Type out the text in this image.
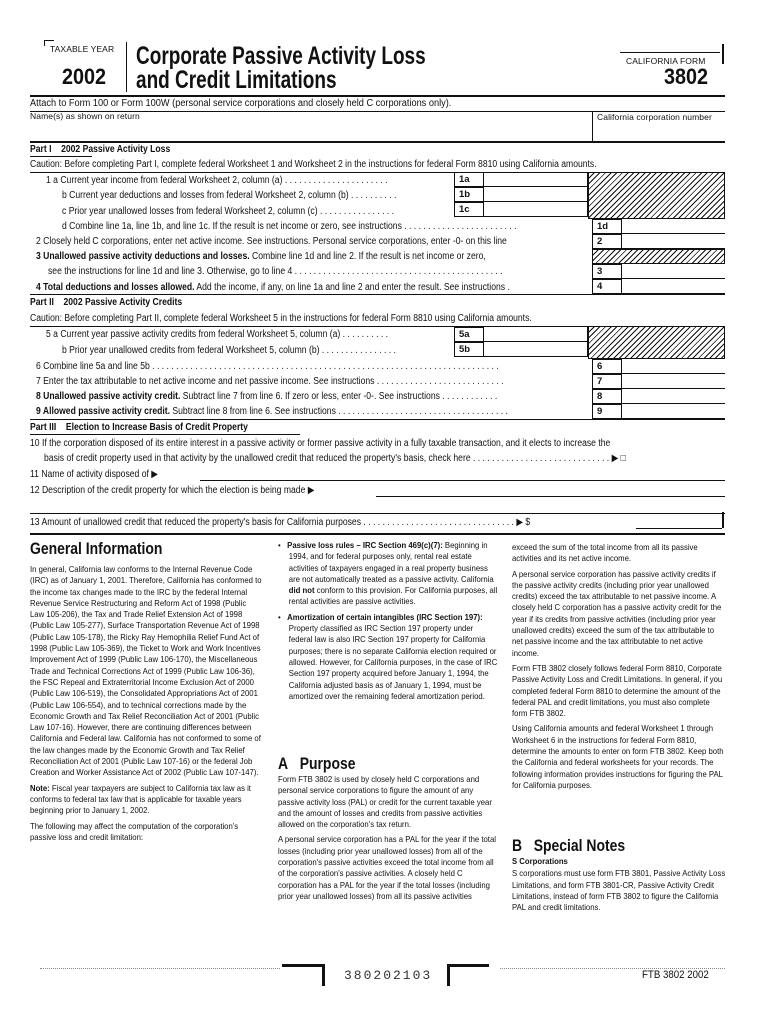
TAXABLE YEAR
2002
Corporate Passive Activity Loss
and Credit Limitations
CALIFORNIA FORM
3802
Attach to Form 100 or Form 100W (personal service corporations and closely held C corporations only).
Name(s) as shown on return	California corporation number
Part I 2002 Passive Activity Loss
Caution: Before completing Part I, complete federal Worksheet 1 and Worksheet 2 in the instructions for federal Form 8810 using California amounts.
1 a Current year income from federal Worksheet 2, column (a) . . . . . . . . . . . . . . . . . . . . . .	1a
b Current year deductions and losses from federal Worksheet 2, column (b) . . . . . . . . . .	1b
c Prior year unallowed losses from federal Worksheet 2, column (c) . . . . . . . . . . . . . . . .	1c
d Combine line 1a, line 1b, and line 1c. If the result is net income or zero, see instructions . . . . . . . . . . . . . . . . . . . . . . . .	1d
2 Closely held C corporations, enter net active income. See instructions. Personal service corporations, enter -0- on this line	2
3 Unallowed passive activity deductions and losses. Combine line 1d and line 2. If the result is net income or zero,
see the instructions for line 1d and line 3. Otherwise, go to line 4 . . . . . . . . . . . . . . . . . . . . . . . . . . . . . . . . . . . . . . . . . . . .	3
4 Total deductions and losses allowed. Add the income, if any, on line 1a and line 2 and enter the result. See instructions .	4
Part II 2002 Passive Activity Credits
Caution: Before completing Part II, complete federal Worksheet 5 in the instructions for federal Form 8810 using California amounts.
5 a Current year passive activity credits from federal Worksheet 5, column (a) . . . . . . . . . .	5a
b Prior year unallowed credits from federal Worksheet 5, column (b) . . . . . . . . . . . . . . . .	5b
6 Combine line 5a and line 5b . . . . . . . . . . . . . . . . . . . . . . . . . . . . . . . . . . . . . . . . . . . . . . . . . . . . . . . . . . . . . . . . . . . . . . . . .	6
7 Enter the tax attributable to net active income and net passive income. See instructions . . . . . . . . . . . . . . . . . . . . . . . . . . .	7
8 Unallowed passive activity credit. Subtract line 7 from line 6. If zero or less, enter -0-. See instructions . . . . . . . . . . . .	8
9 Allowed passive activity credit. Subtract line 8 from line 6. See instructions . . . . . . . . . . . . . . . . . . . . . . . . . . . . . . . . . . . .	9
Part III Election to Increase Basis of Credit Property
10 If the corporation disposed of its entire interest in a passive activity or former passive activity in a fully taxable transaction, and it elects to increase the
basis of credit property used in that activity by the unallowed credit that reduced the property's basis, check here . . . . . . . . . . . . . . . . . . . . . . . . . . . . . ▶ □
11 Name of activity disposed of ▶
12 Description of the credit property for which the election is being made ▶
13 Amount of unallowed credit that reduced the property's basis for California purposes . . . . . . . . . . . . . . . . . . . . . . . . . . . . . . . . ▶ $
General Information

In general, California law conforms to the Internal Revenue Code (IRC) as of January 1, 2001. Therefore, California has conformed to the income tax changes made to the IRC by the federal Internal Revenue Service Restructuring and Reform Act of 1998 (Public Law 105-206), the Tax and Trade Relief Extension Act of 1998 (Public Law 105-277), Surface Transportation Revenue Act of 1998 (Public Law 105-178), the Ricky Ray Hemophilia Relief Fund Act of 1998 (Public Law 105-369), the Ticket to Work and Work Incentives Improvement Act of 1999 (Public Law 106-170), the Miscellaneous Trade and Technical Corrections Act of 1999 (Public Law 106-36), the FSC Repeal and Extraterritorial Income Exclusion Act of 2000 (Public Law 106-519), the Consolidated Appropriations Act of 2001 (Public Law 106-554), and to technical corrections made by the Economic Growth and Tax Relief Reconciliation Act of 2001 (Public Law 107-16). However, there are continuing differences between California and Federal law. California has not conformed to some of the law changes made by the Economic Growth and Tax Relief Reconciliation Act of 2001 (Public Law 107-16) or the federal Job Creation and Worker Assistance Act of 2002 (Public Law 107-147).

Note: Fiscal year taxpayers are subject to California tax law as it conforms to federal tax law that is applicable for taxable years beginning prior to January 1, 2002.

The following may affect the computation of the corporation's passive loss and credit limitation:

•   Passive loss rules – IRC Section 469(c)(7): Beginning in 1994, and for federal purposes only, rental real estate activities of taxpayers engaged in a real property business are not automatically treated as a passive activity. California did not conform to this provision. For California purposes, all rental activities are passive activities.

•   Amortization of certain intangibles (IRC Section 197): Property classified as IRC Section 197 property under federal law is also IRC Section 197 property for California purposes; there is no separate California election required or allowed. However, for California purposes, in the case of IRC Section 197 property acquired before January 1, 1994, the California adjusted basis as of January 1, 1994, must be amortized over the remaining federal amortization period.

A Purpose

Form FTB 3802 is used by closely held C corporations and personal service corporations to figure the amount of any passive activity loss (PAL) or credit for the current taxable year and the amount of losses and credits from passive activities allowed on the corporation's tax return.

A personal service corporation has a PAL for the year if the total losses (including prior year unallowed losses) from all of the corporation's passive activities exceed the total income from all of the corporation's passive activities. A closely held C corporation has a PAL for the year if the total losses (including prior year unallowed losses) from all its passive activities

exceed the sum of the total income from all its passive activities and its net active income.

A personal service corporation has passive activity credits if the passive activity credits (including prior year unallowed credits) exceed the tax attributable to net passive income. A closely held C corporation has a passive activity credit for the year if its credits from passive activities (including prior year unallowed credits) exceed the sum of the tax attributable to net passive income and the tax attributable to net active income.

Form FTB 3802 closely follows federal Form 8810, Corporate Passive Activity Loss and Credit Limitations. In general, if you completed federal Form 8810 to determine the amount of the federal PAL and credit limitations, you must also complete form FTB 3802.

Using California amounts and federal Worksheet 1 through Worksheet 6 in the instructions for federal Form 8810, determine the amounts to enter on form FTB 3802. Keep both the California and federal worksheets for your records. The following information provides instructions for figuring the PAL for California purposes.

B Special Notes

S Corporations

S corporations must use form FTB 3801, Passive Activity Loss Limitations, and form FTB 3801-CR, Passive Activity Credit Limitations, instead of form FTB 3802 to figure the California PAL and credit limitations.

380202103	FTB 3802 2002
